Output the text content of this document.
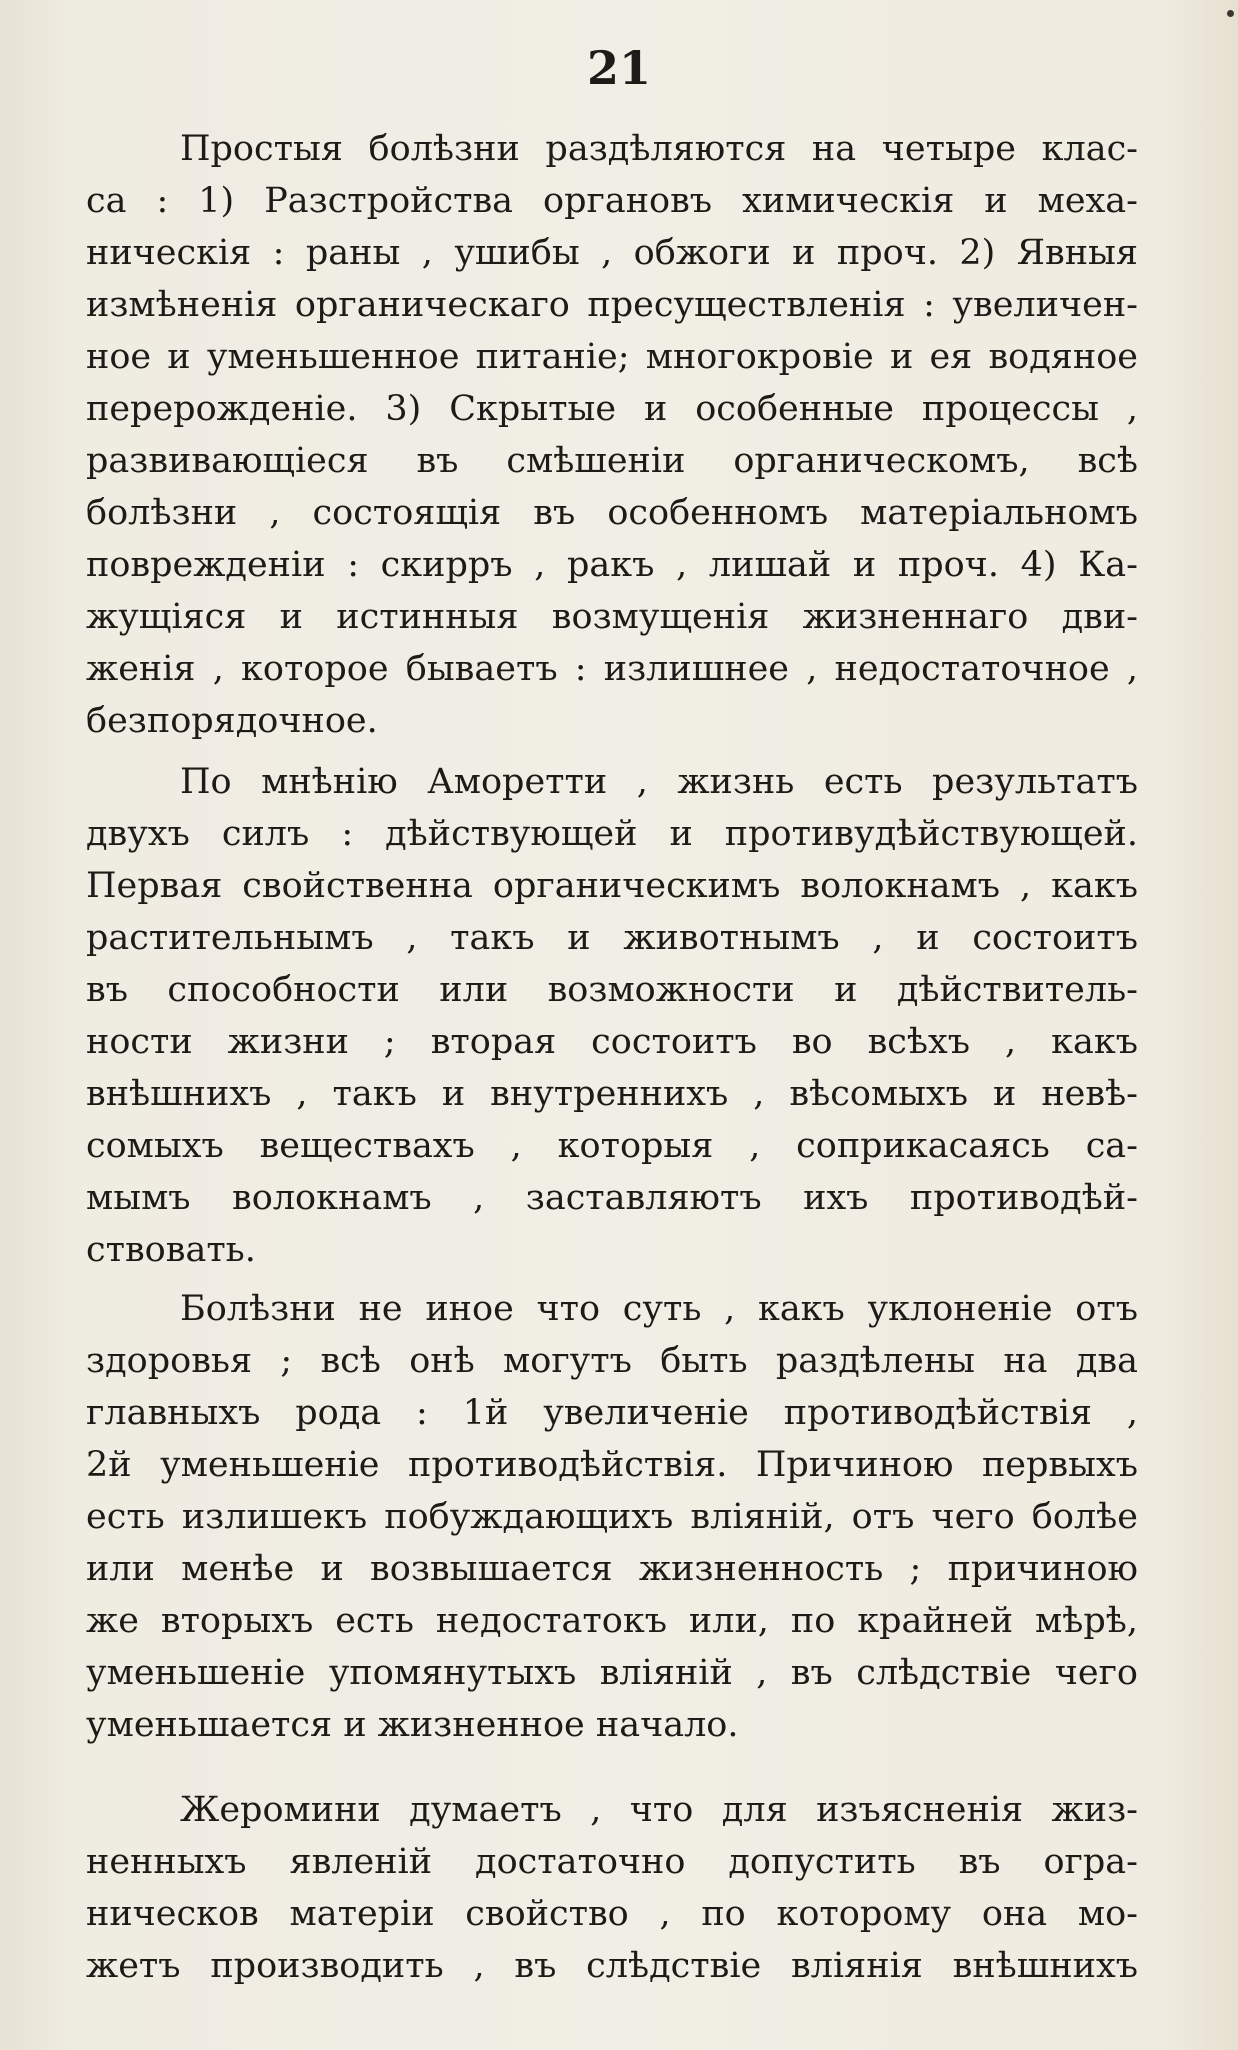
21
Простыя болѣзни раздѣляются на четыре клас-
са : 1) Разстройства органовъ химическія и меха-
ническія : раны , ушибы , обжоги и проч. 2) Явныя
измѣненія органическаго пресуществленія : увеличен-
ное и уменьшенное питаніе; многокровіе и ея водяное
перерожденіе. 3) Скрытые и особенные процессы ,
развивающіеся въ смѣшеніи органическомъ, всѣ
болѣзни , состоящія въ особенномъ матеріальномъ
поврежденіи : скирръ , ракъ , лишай и проч. 4) Ка-
жущіяся и истинныя возмущенія жизненнаго дви-
женія , которое бываетъ : излишнее , недостаточное ,
безпорядочное.
По мнѣнію Аморетти , жизнь есть результатъ
двухъ силъ : дѣйствующей и противудѣйствующей.
Первая свойственна органическимъ волокнамъ , какъ
растительнымъ , такъ и животнымъ , и состоитъ
въ способности или возможности и дѣйствитель-
ности жизни ; вторая состоитъ во всѣхъ , какъ
внѣшнихъ , такъ и внутреннихъ , вѣсомыхъ и невѣ-
сомыхъ веществахъ , которыя , соприкасаясь са-
мымъ волокнамъ , заставляютъ ихъ противодѣй-
ствовать.
Болѣзни не иное что суть , какъ уклоненіе отъ
здоровья ; всѣ онѣ могутъ быть раздѣлены на два
главныхъ рода : 1й увеличеніе противодѣйствія ,
2й уменьшеніе противодѣйствія. Причиною первыхъ
есть излишекъ побуждающихъ вліяній, отъ чего болѣе
или менѣе и возвышается жизненность ; причиною
же вторыхъ есть недостатокъ или, по крайней мѣрѣ,
уменьшеніе упомянутыхъ вліяній , въ слѣдствіе чего
уменьшается и жизненное начало.
Жеромини думаетъ , что для изъясненія жиз-
ненныхъ явленій достаточно допустить въ огра-
ническов матеріи свойство , по которому она мо-
жетъ производить , въ слѣдствіе вліянія внѣшнихъ
